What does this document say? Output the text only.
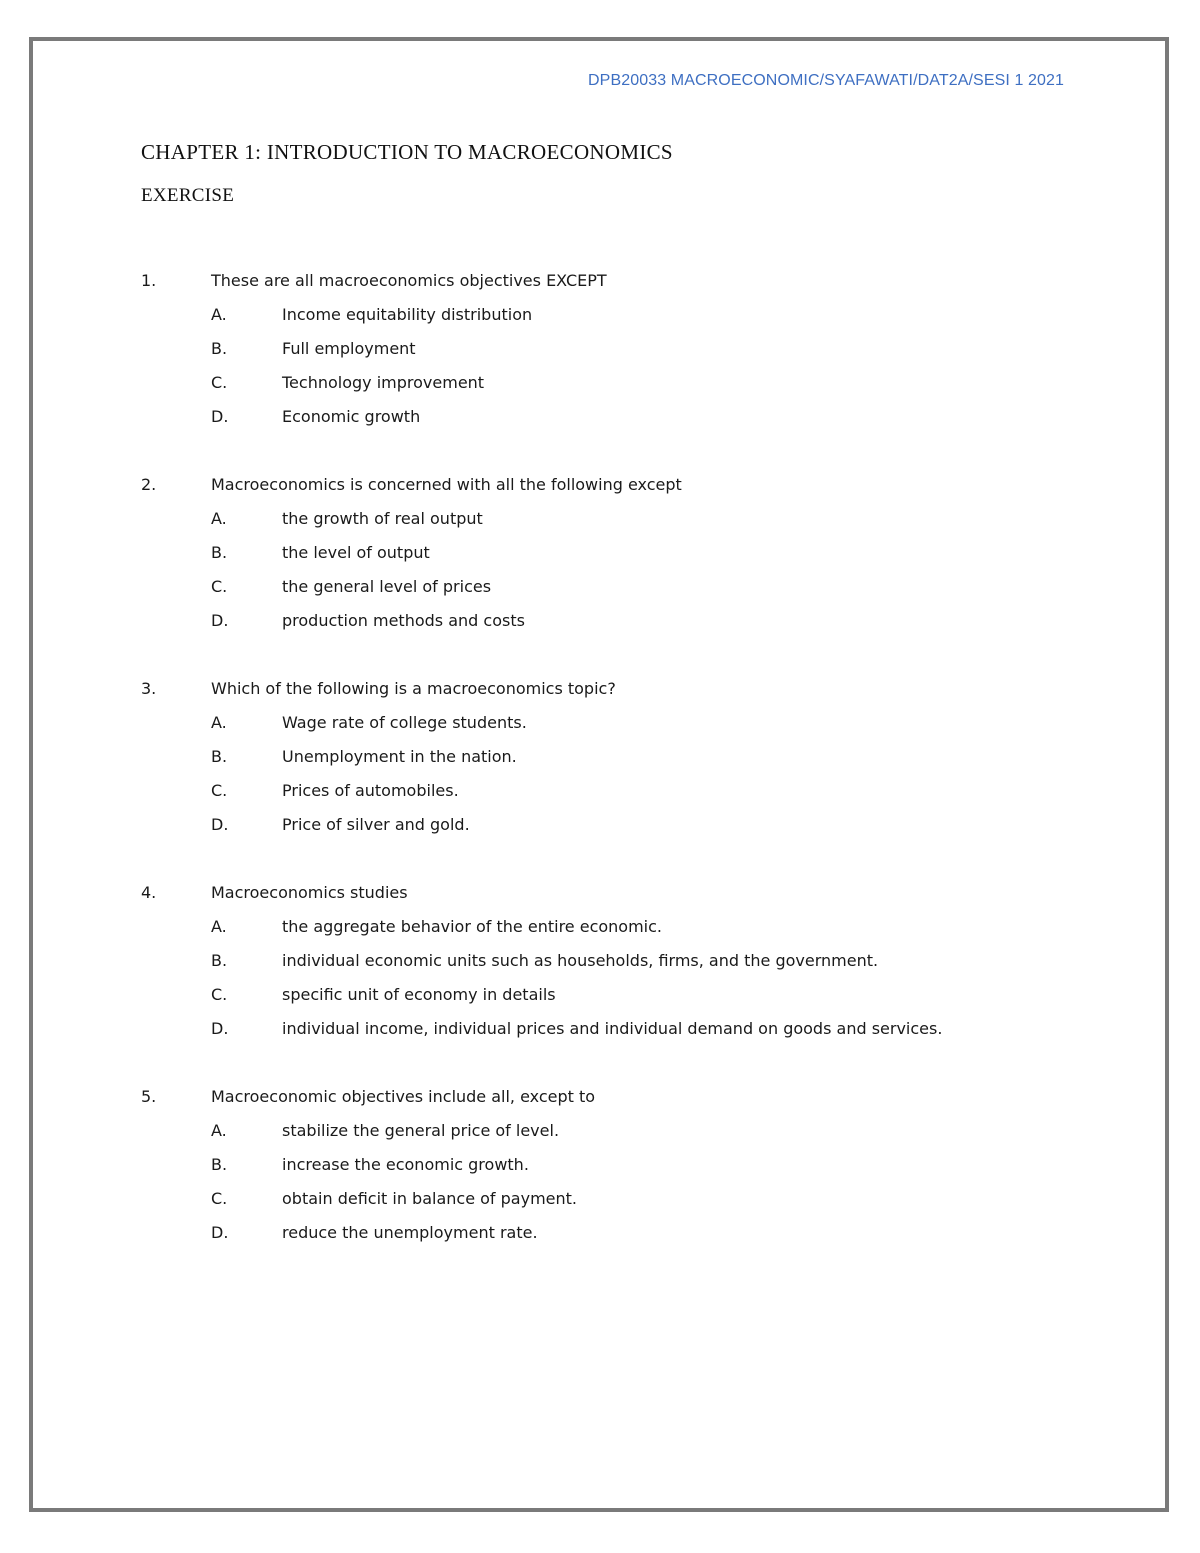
DPB20033 MACROECONOMIC/SYAFAWATI/DAT2A/SESI 1 2021
CHAPTER 1: INTRODUCTION TO MACROECONOMICS
EXERCISE
1.	These are all macroeconomics objectives EXCEPT
A.	Income equitability distribution
B.	Full employment
C.	Technology improvement
D.	Economic growth
2.	Macroeconomics is concerned with all the following except
A.	the growth of real output
B.	the level of output
C.	the general level of prices
D.	production methods and costs
3.	Which of the following is a macroeconomics topic?
A.	Wage rate of college students.
B.	Unemployment in the nation.
C.	Prices of automobiles.
D.	Price of silver and gold.
4.	Macroeconomics studies
A.	the aggregate behavior of the entire economic.
B.	individual economic units such as households, firms, and the government.
C.	specific unit of economy in details
D.	individual income, individual prices and individual demand on goods and services.
5.	Macroeconomic objectives include all, except to
A.	stabilize the general price of level.
B.	increase the economic growth.
C.	obtain deficit in balance of payment.
D.	reduce the unemployment rate.
